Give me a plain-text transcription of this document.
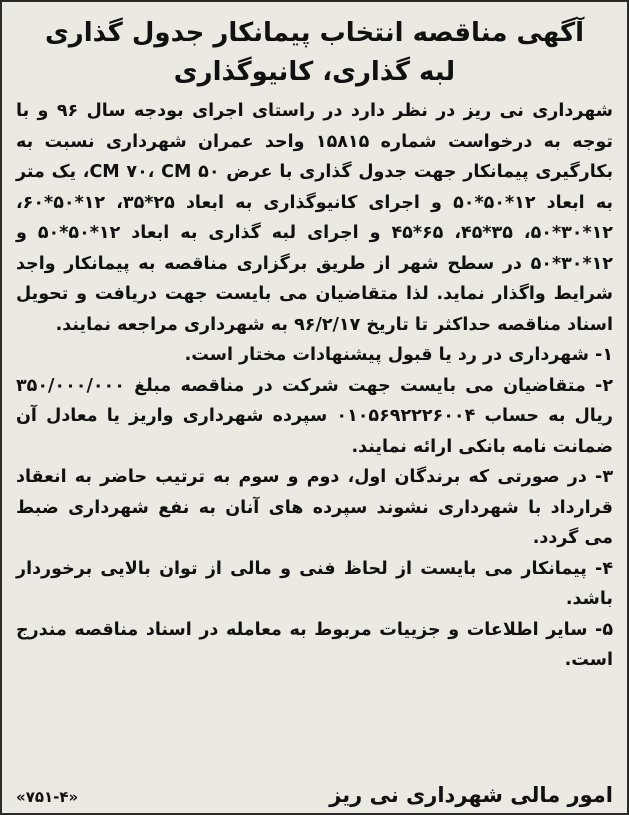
آگهی مناقصه انتخاب پیمانکار جدول گذاری
لبه گذاری، کانیوگذاری

شهرداری نی ریز در نظر دارد در راستای اجرای بودجه سال ۹۶ و با توجه به درخواست شماره ۱۵۸۱۵ واحد عمران شهرداری نسبت به بکارگیری پیمانکار جهت جدول گذاری با عرض CM ۷۰، CM ۵۰، یک متر به ابعاد ۱۲*۵۰*۵۰ و اجرای کانیوگذاری به ابعاد ۲۵*۳۵، ۱۲*۵۰*۶۰، ۱۲*۳۰*۵۰، ۳۵*۴۵، ۶۵*۴۵ و اجرای لبه گذاری به ابعاد ۱۲*۵۰*۵۰ و ۱۲*۳۰*۵۰ در سطح شهر از طریق برگزاری مناقصه به پیمانکار واجد شرایط واگذار نماید. لذا متقاضیان می بایست جهت دریافت و تحویل اسناد مناقصه حداکثر تا تاریخ ۹۶/۲/۱۷ به شهرداری مراجعه نمایند.

۱- شهرداری در رد یا قبول پیشنهادات مختار است.

۲- متقاضیان می بایست جهت شرکت در مناقصه مبلغ ۳۵۰/۰۰۰/۰۰۰ ریال به حساب ۰۱۰۵۶۹۲۲۲۶۰۰۴ سپرده شهرداری واریز یا معادل آن ضمانت نامه بانکی ارائه نمایند.

۳- در صورتی که برندگان اول، دوم و سوم به ترتیب حاضر به انعقاد قرارداد با شهرداری نشوند سپرده های آنان به نفع شهرداری ضبط می گردد.

۴- پیمانکار می بایست از لحاظ فنی و مالی از توان بالایی برخوردار باشد.

۵- سایر اطلاعات و جزییات مربوط به معامله در اسناد مناقصه مندرج است.

امور مالی شهرداری نی ریز
«۷۵۱-۴»
